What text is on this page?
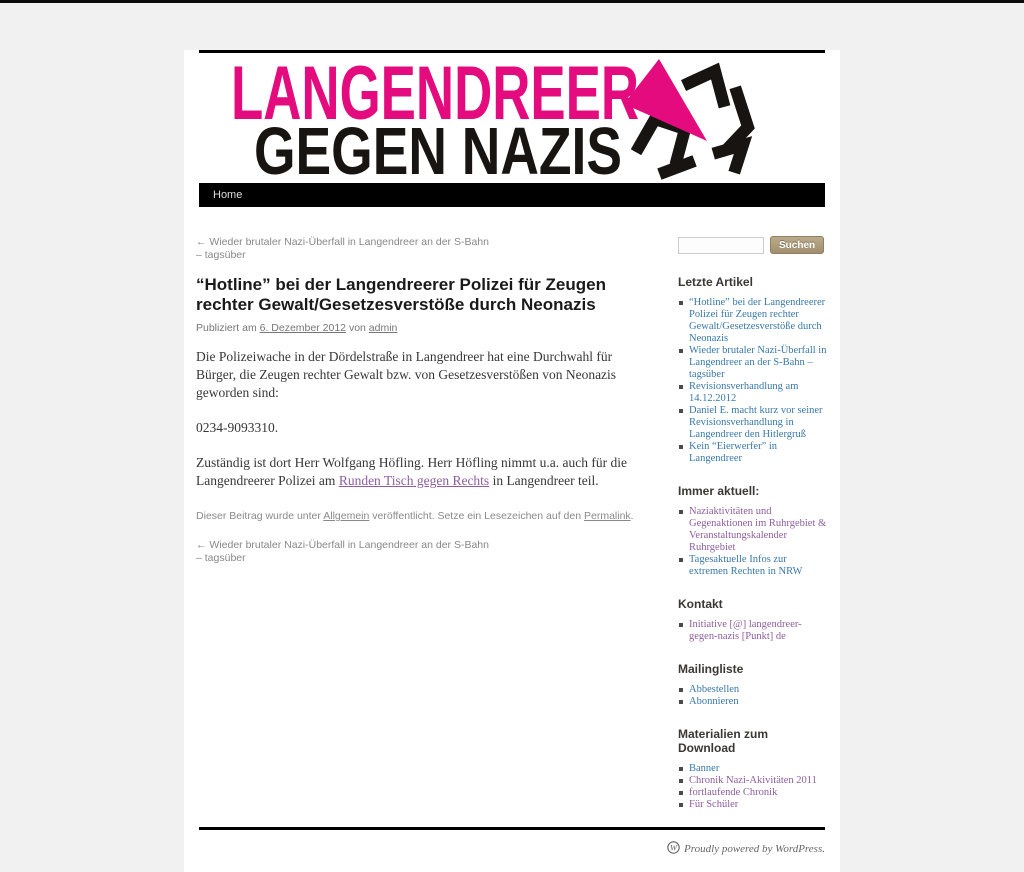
LANGENDREER
GEGEN NAZIS
Home
← Wieder brutaler Nazi-Überfall in Langendreer an der S-Bahn
– tagsüber
“Hotline” bei der Langendreerer Polizei für Zeugen rechter Gewalt/Gesetzesverstöße durch Neonazis
Publiziert am 6. Dezember 2012 von admin

Die Polizeiwache in der Dördelstraße in Langendreer hat eine Durchwahl für Bürger, die Zeugen rechter Gewalt bzw. von Gesetzesverstößen von Neonazis geworden sind:

0234-9093310.

Zuständig ist dort Herr Wolfgang Höfling. Herr Höfling nimmt u.a. auch für die Langendreerer Polizei am Runden Tisch gegen Rechts in Langendreer teil.

Dieser Beitrag wurde unter Allgemein veröffentlicht. Setze ein Lesezeichen auf den Permalink.
← Wieder brutaler Nazi-Überfall in Langendreer an der S-Bahn
– tagsüber
Suchen
Letzte Artikel
“Hotline” bei der Langendreerer Polizei für Zeugen rechter Gewalt/Gesetzesverstöße durch Neonazis
Wieder brutaler Nazi-Überfall in Langendreer an der S-Bahn – tagsüber
Revisionsverhandlung am 14.12.2012
Daniel E. macht kurz vor seiner Revisionsverhandlung in Langendreer den Hitlergruß
Kein “Eierwerfer” in Langendreer
Immer aktuell:
Naziaktivitäten und Gegenaktionen im Ruhrgebiet & Veranstaltungskalender Ruhrgebiet
Tagesaktuelle Infos zur extremen Rechten in NRW
Kontakt
Initiative [@] langendreer-gegen-nazis [Punkt] de
Mailingliste
Abbestellen
Abonnieren
Materialien zum Download
Banner
Chronik Nazi-Akivitäten 2011
fortlaufende Chronik
Für Schüler
W Proudly powered by WordPress.
